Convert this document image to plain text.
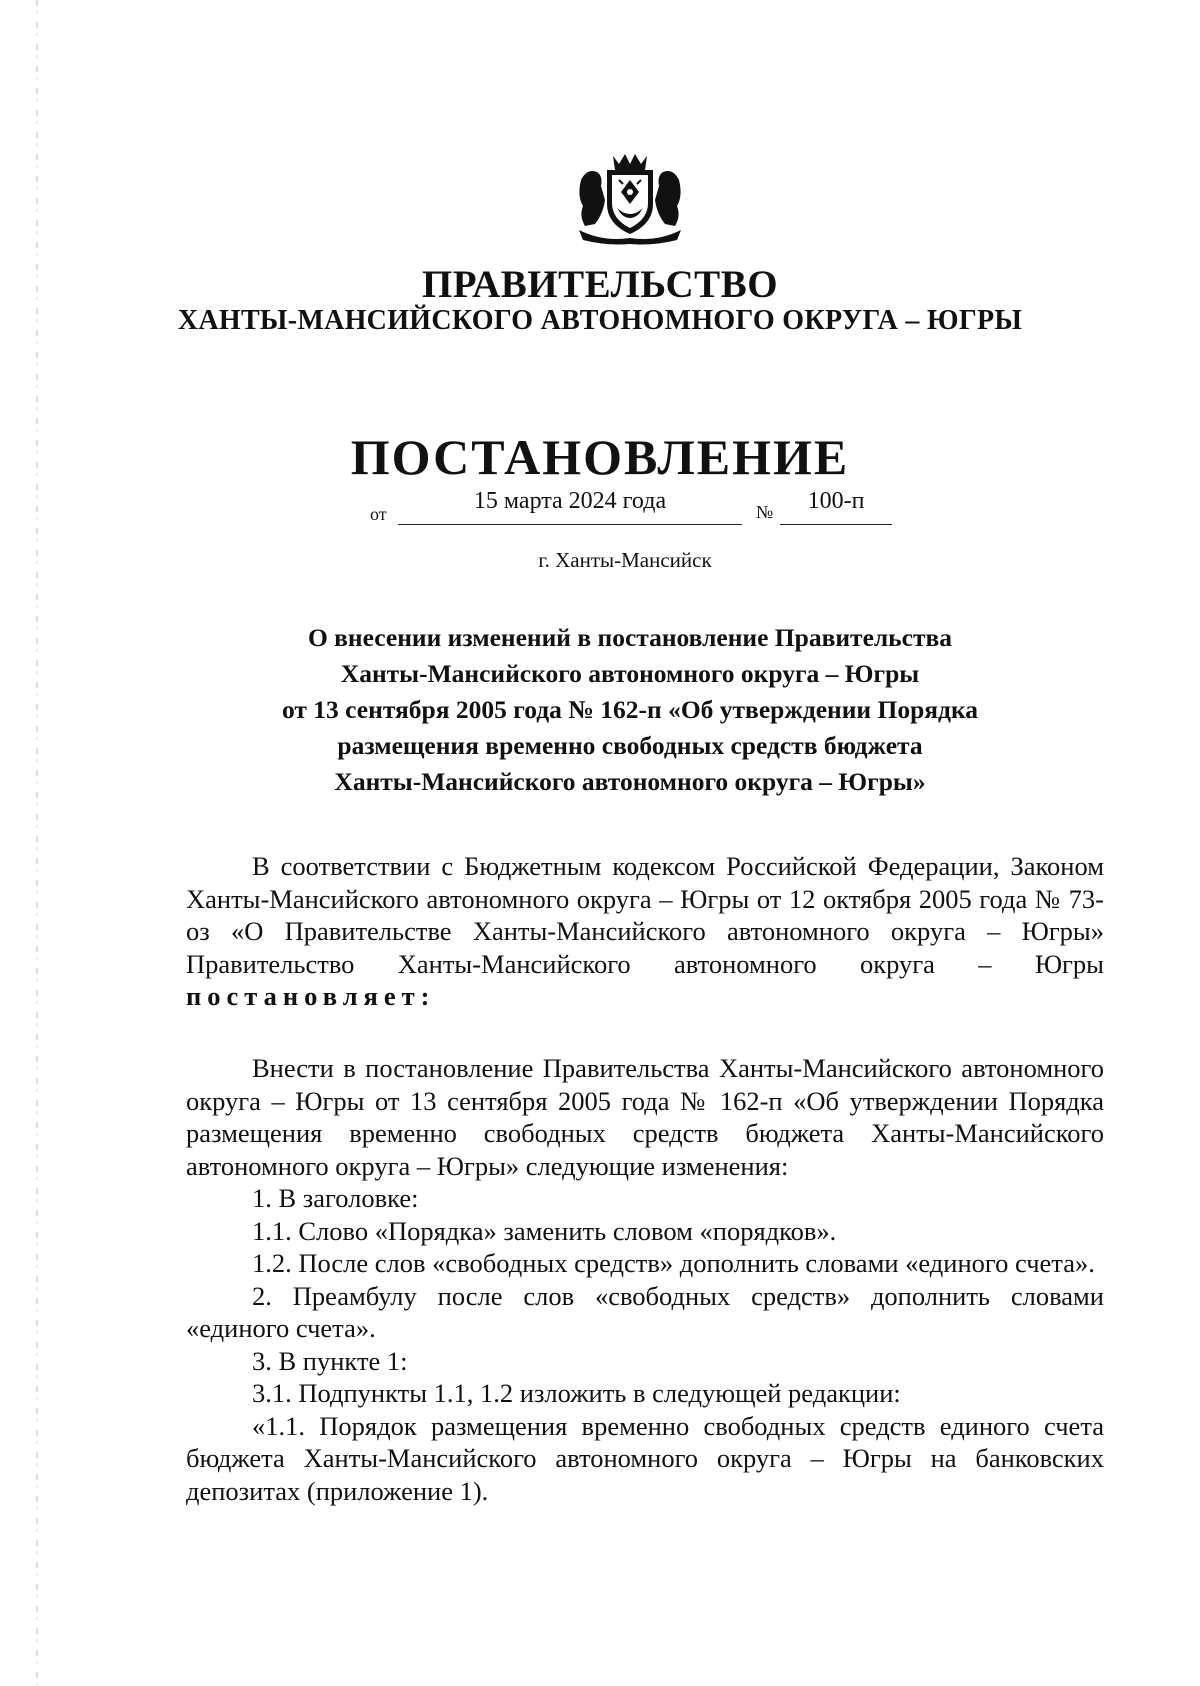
ПРАВИТЕЛЬСТВО
ХАНТЫ-МАНСИЙСКОГО АВТОНОМНОГО ОКРУГА – ЮГРЫ
ПОСТАНОВЛЕНИЕ
от	15 марта 2024 года	№	100-п
г. Ханты-Мансийск
О внесении изменений в постановление Правительства
Ханты-Мансийского автономного округа – Югры
от 13 сентября 2005 года № 162-п «Об утверждении Порядка
размещения временно свободных средств бюджета
Ханты-Мансийского автономного округа – Югры»

В соответствии с Бюджетным кодексом Российской Федерации, Законом Ханты-Мансийского автономного округа – Югры от 12 октября 2005 года № 73-оз «О Правительстве Ханты-Мансийского автономного округа – Югры» Правительство Ханты-Мансийского автономного округа – Югры постановляет:

Внести в постановление Правительства Ханты-Мансийского автономного округа – Югры от 13 сентября 2005 года № 162-п «Об утверждении Порядка размещения временно свободных средств бюджета Ханты-Мансийского автономного округа – Югры» следующие изменения:

1. В заголовке:

1.1. Слово «Порядка» заменить словом «порядков».

1.2. После слов «свободных средств» дополнить словами «единого счета».

2. Преамбулу после слов «свободных средств» дополнить словами «единого счета».

3. В пункте 1:

3.1. Подпункты 1.1, 1.2 изложить в следующей редакции:

«1.1. Порядок размещения временно свободных средств единого счета бюджета Ханты-Мансийского автономного округа – Югры на банковских депозитах (приложение 1).
